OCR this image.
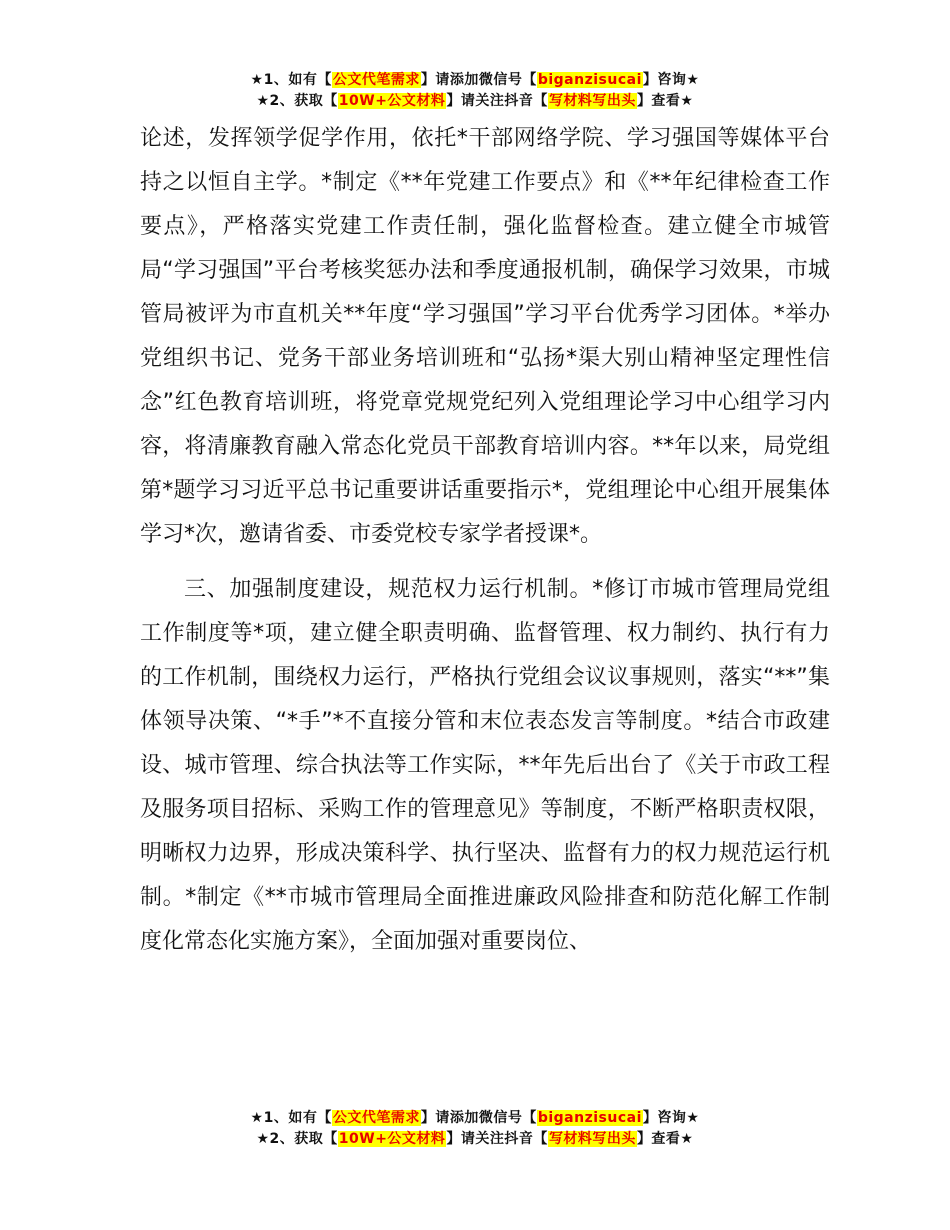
★1、如有【公文代笔需求】请添加微信号【biganzisucai】咨询★
★2、获取【10W+公文材料】请关注抖音【写材料写出头】查看★

论述，发挥领学促学作用，依托*干部网络学院、学习强国等媒体平台持之以恒自主学。*制定《**年党建工作要点》和《**年纪律检查工作要点》，严格落实党建工作责任制，强化监督检查。建立健全市城管局“学习强国”平台考核奖惩办法和季度通报机制，确保学习效果，市城管局被评为市直机关**年度“学习强国”学习平台优秀学习团体。*举办党组织书记、党务干部业务培训班和“弘扬*渠大别山精神坚定理性信念”红色教育培训班，将党章党规党纪列入党组理论学习中心组学习内容，将清廉教育融入常态化党员干部教育培训内容。**年以来，局党组第*题学习习近平总书记重要讲话重要指示*，党组理论中心组开展集体学习*次，邀请省委、市委党校专家学者授课*。

三、加强制度建设，规范权力运行机制。*修订市城市管理局党组工作制度等*项，建立健全职责明确、监督管理、权力制约、执行有力的工作机制，围绕权力运行，严格执行党组会议议事规则，落实“**”集体领导决策、“*手”*不直接分管和末位表态发言等制度。*结合市政建设、城市管理、综合执法等工作实际，**年先后出台了《关于市政工程及服务项目招标、采购工作的管理意见》等制度，不断严格职责权限，明晰权力边界，形成决策科学、执行坚决、监督有力的权力规范运行机制。*制定《**市城市管理局全面推进廉政风险排查和防范化解工作制度化常态化实施方案》，全面加强对重要岗位、

★1、如有【公文代笔需求】请添加微信号【biganzisucai】咨询★
★2、获取【10W+公文材料】请关注抖音【写材料写出头】查看★
